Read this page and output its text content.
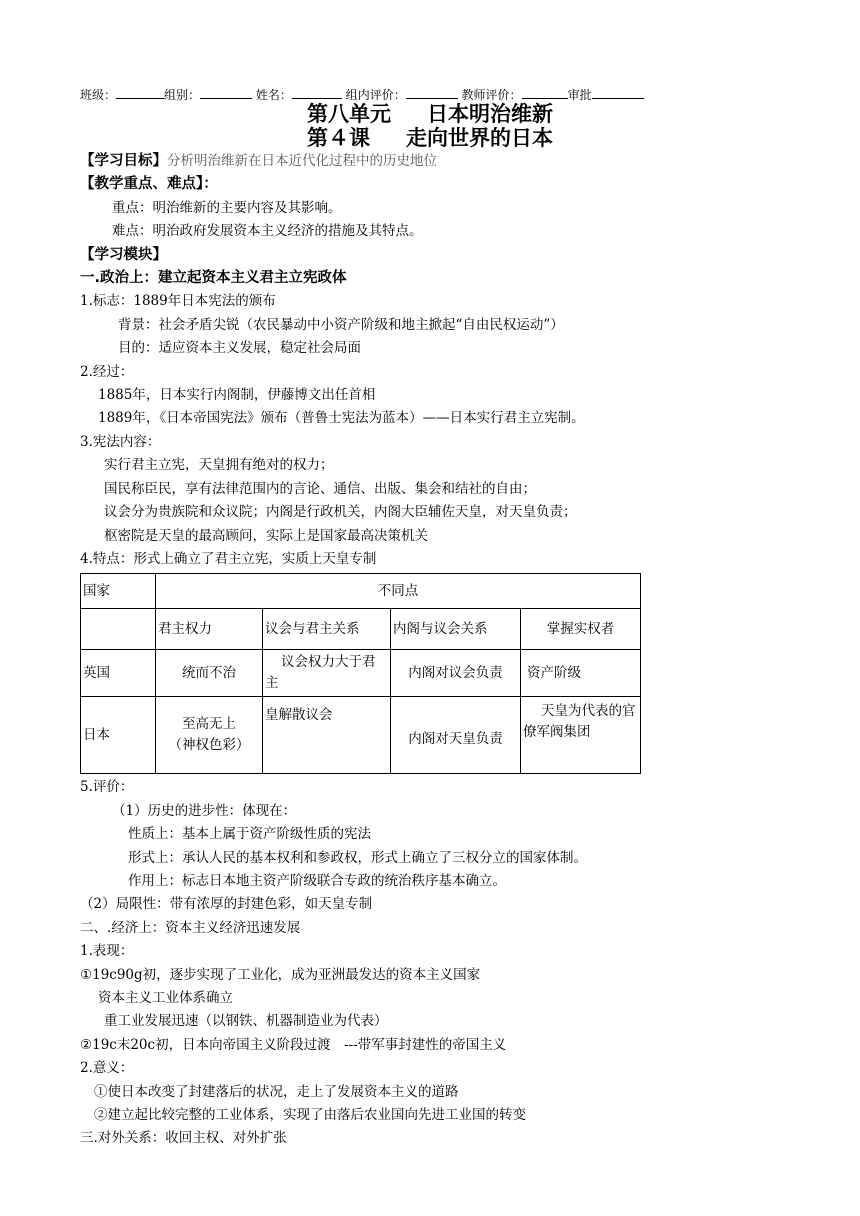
班级：	组别：	姓名：	组内评价：	教师评价：	审批
第八单元 日本明治维新
第４课 走向世界的日本
【学习目标】分析明治维新在日本近代化过程中的历史地位
【教学重点、难点】：
重点：明治维新的主要内容及其影响。
难点：明治政府发展资本主义经济的措施及其特点。
【学习模块】
一.政治上：建立起资本主义君主立宪政体
1.标志：1889年日本宪法的颁布
背景：社会矛盾尖锐（农民暴动中小资产阶级和地主掀起“自由民权运动”）
目的：适应资本主义发展，稳定社会局面
2.经过：
1885年，日本实行内阁制，伊藤博文出任首相
1889年，《日本帝国宪法》颁布（普鲁士宪法为蓝本）——日本实行君主立宪制。
3.宪法内容：
实行君主立宪，天皇拥有绝对的权力；
国民称臣民，享有法律范围内的言论、通信、出版、集会和结社的自由；
议会分为贵族院和众议院；内阁是行政机关，内阁大臣辅佐天皇，对天皇负责；
枢密院是天皇的最高顾问，实际上是国家最高决策机关
4.特点：形式上确立了君主立宪，实质上天皇专制
国家	不同点			
	君主权力	议会与君主关系	内阁与议会关系	掌握实权者
英国	统而不治	议会权力大于君主	内阁对议会负责	资产阶级
日本	至高无上
（神权色彩）	皇解散议会	内阁对天皇负责	天皇为代表的官僚军阀集团
5.评价：
（1）历史的进步性：体现在：
性质上：基本上属于资产阶级性质的宪法
形式上：承认人民的基本权利和参政权，形式上确立了三权分立的国家体制。
作用上：标志日本地主资产阶级联合专政的统治秩序基本确立。
（2）局限性：带有浓厚的封建色彩，如天皇专制
二、.经济上：资本主义经济迅速发展
1.表现：
①19c90g初，逐步实现了工业化，成为亚洲最发达的资本主义国家
资本主义工业体系确立
重工业发展迅速（以钢铁、机器制造业为代表）
②19c末20c初，日本向帝国主义阶段过渡　---带军事封建性的帝国主义
2.意义：
①使日本改变了封建落后的状况，走上了发展资本主义的道路
②建立起比较完整的工业体系，实现了由落后农业国向先进工业国的转变
三.对外关系：收回主权、对外扩张
